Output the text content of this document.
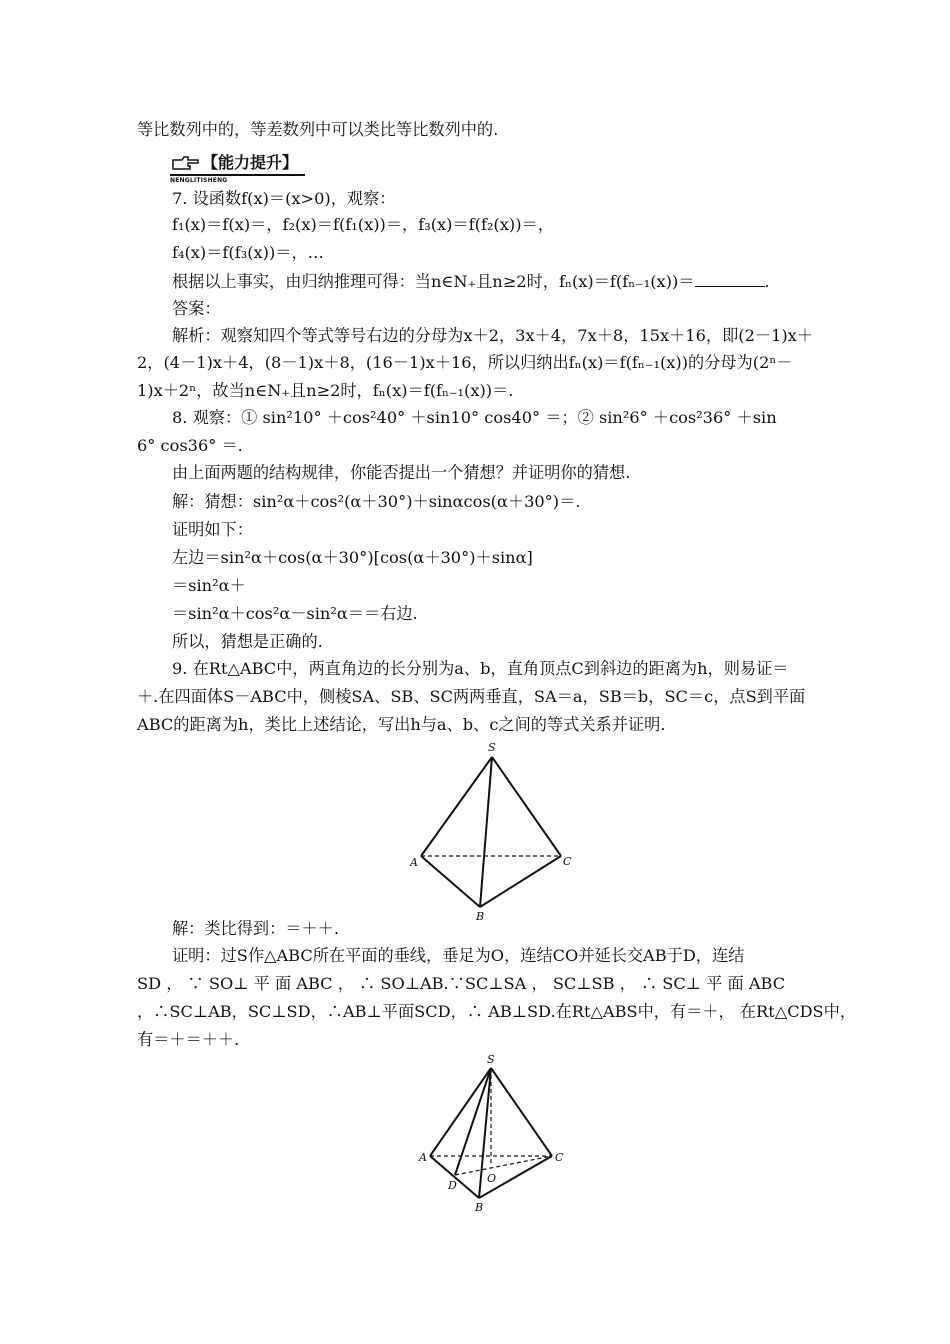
等比数列中的，等差数列中可以类比等比数列中的.
【能力提升】
NENGLITISHENG
7. 设函数f(x)＝(x>0)，观察：
f₁(x)＝f(x)＝，f₂(x)＝f(f₁(x))＝，f₃(x)＝f(f₂(x))＝，
f₄(x)＝f(f₃(x))＝，…
根据以上事实，由归纳推理可得：当n∈N₊且n≥2时，fₙ(x)＝f(fₙ₋₁(x))＝	.
答案：
解析：观察知四个等式等号右边的分母为x＋2，3x＋4，7x＋8，15x＋16，即(2－1)x＋
2，(4－1)x＋4，(8－1)x＋8，(16－1)x＋16，所以归纳出fₙ(x)＝f(fₙ₋₁(x))的分母为(2ⁿ－
1)x＋2ⁿ，故当n∈N₊且n≥2时，fₙ(x)＝f(fₙ₋₁(x))＝.
8. 观察：① sin²10° ＋cos²40° ＋sin10° cos40° ＝；② sin²6° ＋cos²36° ＋sin
6° cos36° ＝.
由上面两题的结构规律，你能否提出一个猜想？并证明你的猜想.
解：猜想：sin²α＋cos²(α＋30°)＋sinαcos(α＋30°)＝.
证明如下：
左边＝sin²α＋cos(α＋30°)[cos(α＋30°)＋sinα]
＝sin²α＋
＝sin²α＋cos²α－sin²α＝＝右边.
所以，猜想是正确的.
9. 在Rt△ABC中，两直角边的长分别为a、b，直角顶点C到斜边的距离为h，则易证＝
＋.在四面体S－ABC中，侧棱SA、SB、SC两两垂直，SA＝a，SB＝b，SC＝c，点S到平面
ABC的距离为h，类比上述结论，写出h与a、b、c之间的等式关系并证明.
S
A
B
C
解：类比得到：＝＋＋.
证明：过S作△ABC所在平面的垂线，垂足为O，连结CO并延长交AB于D，连结
SD ， ∵ SO⊥ 平 面 ABC ， ∴ SO⊥AB.∵SC⊥SA ， SC⊥SB ， ∴ SC⊥ 平 面 ABC
，∴SC⊥AB，SC⊥SD，∴AB⊥平面SCD，∴ AB⊥SD.在Rt△ABS中，有＝＋， 在Rt△CDS中，
有＝＋＝＋＋.
S
A
B
C
D
O
